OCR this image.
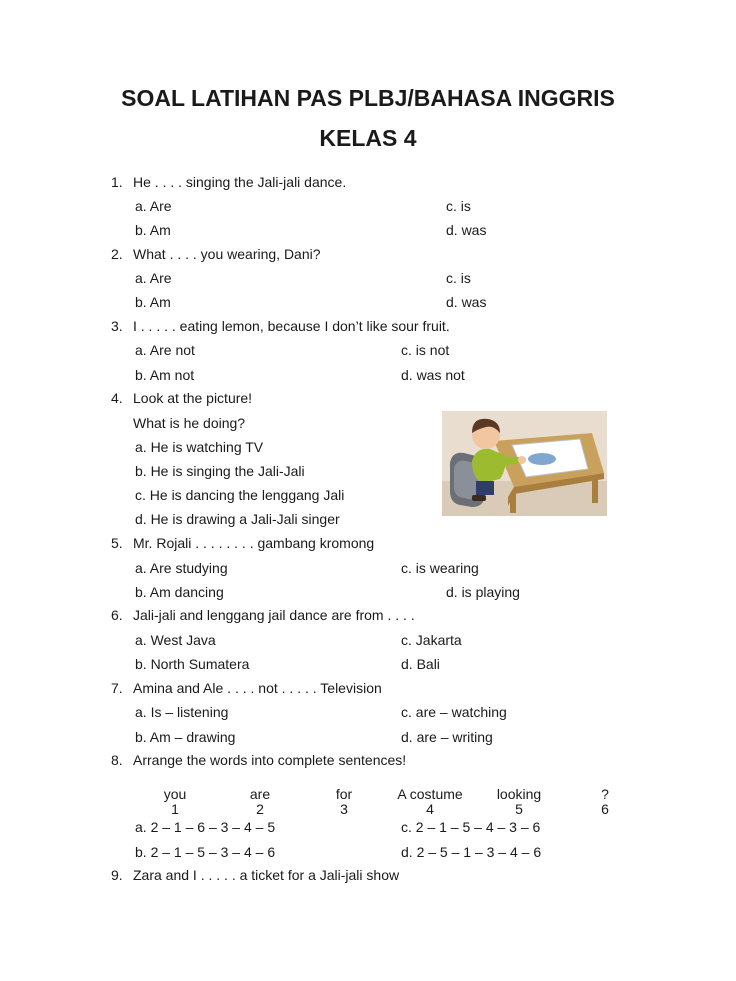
SOAL LATIHAN PAS PLBJ/BAHASA INGGRIS
KELAS 4
1. He . . . . singing the Jali-jali dance.
a. Are	c. is
b. Am	d. was
2. What . . . . you wearing, Dani?
a. Are	c. is
b. Am	d. was
3. I . . . . . eating lemon, because I don’t like sour fruit.
a. Are not	c. is not
b. Am not	d. was not
4. Look at the picture!
What is he doing?
a. He is watching TV
b. He is singing the Jali-Jali
c. He is dancing the lenggang Jali
d. He is drawing a Jali-Jali singer
5. Mr. Rojali . . . . . . . . gambang kromong
a. Are studying	c. is wearing
b. Am dancing	d. is playing
6. Jali-jali and lenggang jail dance are from . . . .
a. West Java	c. Jakarta
b. North Sumatera	d. Bali
7. Amina and Ale . . . . not . . . . . Television
a. Is – listening	c. are – watching
b. Am – drawing	d. are – writing
8. Arrange the words into complete sentences!
you	are	for	A costume	looking	?
1	2	3	4	5	6
a. 2 – 1 – 6 – 3 – 4 – 5	c. 2 – 1 – 5 – 4 – 3 – 6
b. 2 – 1 – 5 – 3 – 4 – 6	d. 2 – 5 – 1 – 3 – 4 – 6
9. Zara and I . . . . . a ticket for a Jali-jali show
